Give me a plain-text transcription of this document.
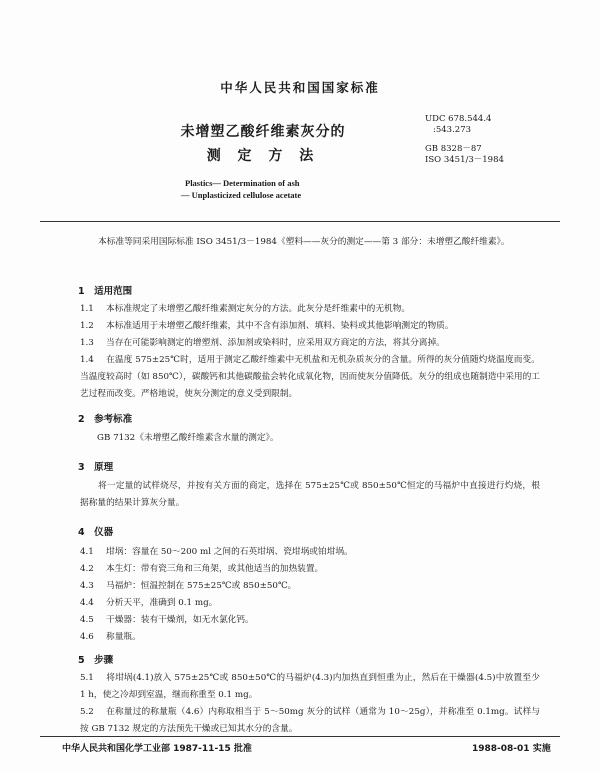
中华人民共和国国家标准
未增塑乙酸纤维素灰分的
测 定 方 法
UDC 678.544.4
:543.273
GB 8328－87
ISO 3451/3－1984
Plastics— Determination of ash
— Unplasticized cellulose acetate
本标准等同采用国际标准 ISO 3451/3－1984《塑料——灰分的测定——第 3 部分：未增塑乙酸纤维素》。
1　适用范围
1.1 本标准规定了未增塑乙酸纤维素测定灰分的方法。此灰分是纤维素中的无机物。
1.2 本标准适用于未增塑乙酸纤维素，其中不含有添加剂、填料、染料或其他影响测定的物质。
1.3 当存在可能影响测定的增塑剂、添加剂或染料时，应采用双方商定的方法，将其分离掉。
1.4 在温度 575±25℃时，适用于测定乙酸纤维素中无机盐和无机杂质灰分的含量。所得的灰分值随灼烧温度而变。当温度较高时（如 850℃），碳酸钙和其他碳酸盐会转化成氧化物，因而使灰分值降低。灰分的组成也随制造中采用的工艺过程而改变。严格地说，使灰分测定的意义受到限制。
2　参考标准
GB 7132《未增塑乙酸纤维素含水量的测定》。
3　原理
将一定量的试样烧尽，并按有关方面的商定，选择在 575±25℃或 850±50℃恒定的马福炉中直接进行灼烧，根据称量的结果计算灰分量。
4　仪器
4.1 坩埚：容量在 50～200 ml 之间的石英坩埚、瓷坩埚或铂坩埚。
4.2 本生灯：带有瓷三角和三角架，或其他适当的加热装置。
4.3 马福炉：恒温控制在 575±25℃或 850±50℃。
4.4 分析天平，准确到 0.1 mg。
4.5 干燥器：装有干燥剂，如无水氯化钙。
4.6 称量瓶。
5　步骤
5.1 将坩埚(4.1)放入 575±25℃或 850±50℃的马福炉(4.3)内加热直到恒重为止，然后在干燥器(4.5)中放置至少 1 h，使之冷却到室温，继而称重至 0.1 mg。
5.2 在称量过的称量瓶（4.6）内称取相当于 5～50mg 灰分的试样（通常为 10～25g），并称准至 0.1mg。试样与按 GB 7132 规定的方法预先干燥或已知其水分的含量。
中华人民共和国化学工业部 1987-11-15 批准	1988-08-01 实施
